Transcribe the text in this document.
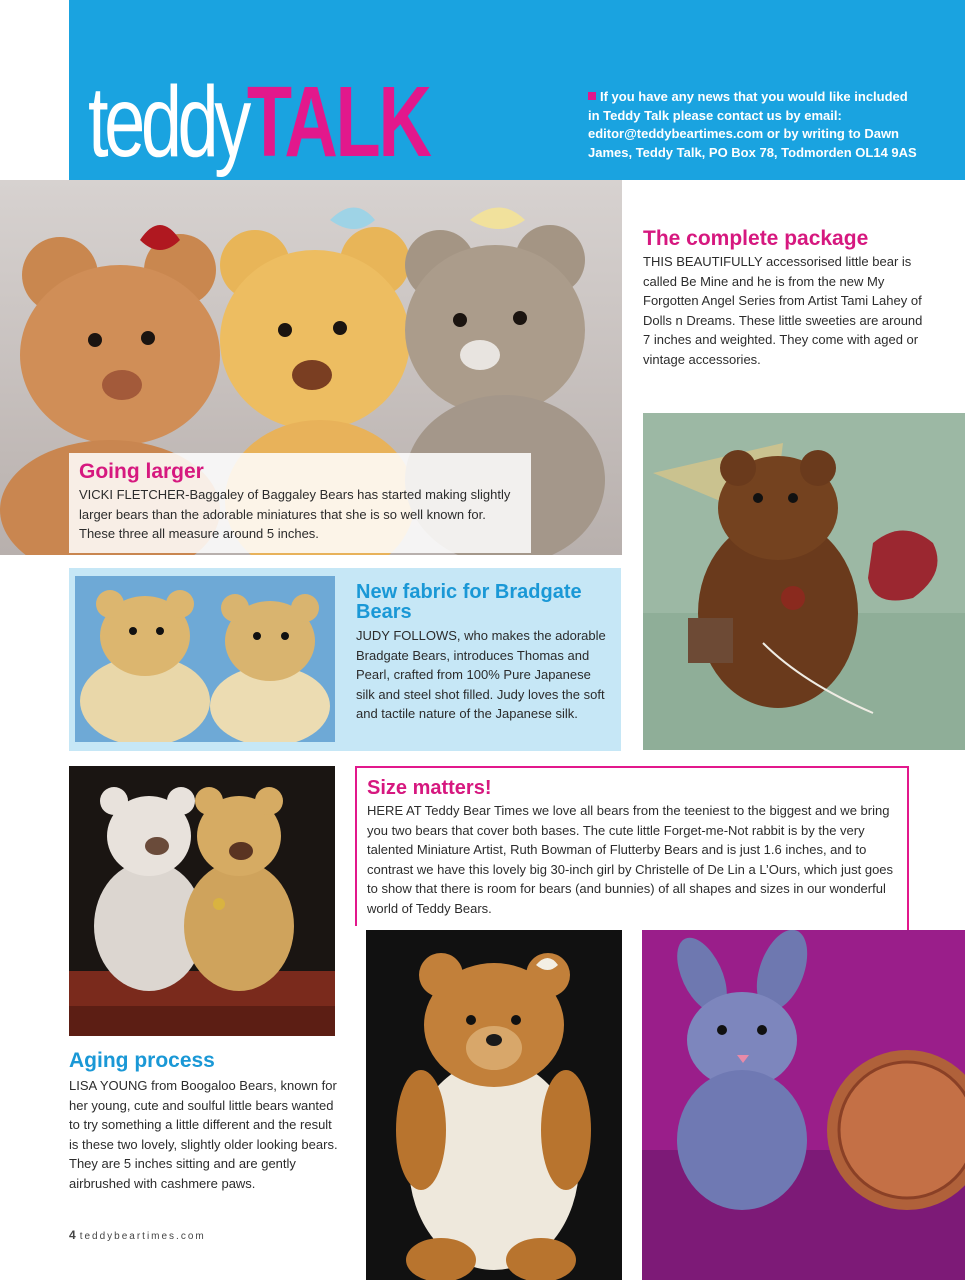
teddyTALK	If you have any news that you would like included in Teddy Talk please contact us by email: editor@teddybeartimes.com or by writing to Dawn James, Teddy Talk, PO Box 78, Todmorden OL14 9AS
Going larger

VICKI FLETCHER-Baggaley of Baggaley Bears has started making slightly larger bears than the adorable miniatures that she is so well known for. These three all measure around 5 inches.

The complete package

THIS BEAUTIFULLY accessorised little bear is called Be Mine and he is from the new My Forgotten Angel Series from Artist Tami Lahey of Dolls n Dreams. These little sweeties are around 7 inches and weighted. They come with aged or vintage accessories.

New fabric for Bradgate Bears

JUDY FOLLOWS, who makes the adorable Bradgate Bears, introduces Thomas and Pearl, crafted from 100% Pure Japanese silk and steel shot filled. Judy loves the soft and tactile nature of the Japanese silk.

Size matters!

HERE AT Teddy Bear Times we love all bears from the teeniest to the biggest and we bring you two bears that cover both bases. The cute little Forget-me-Not rabbit is by the very talented Miniature Artist, Ruth Bowman of Flutterby Bears and is just 1.6 inches, and to contrast we have this lovely big 30-inch girl by Christelle of De Lin a L’Ours, which just goes to show that there is room for bears (and bunnies) of all shapes and sizes in our wonderful world of Teddy Bears.

Aging process

LISA YOUNG from Boogaloo Bears, known for her young, cute and soulful little bears wanted to try something a little different and the result is these two lovely, slightly older looking bears. They are 5 inches sitting and are gently airbrushed with cashmere paws.

4 teddybeartimes.com
